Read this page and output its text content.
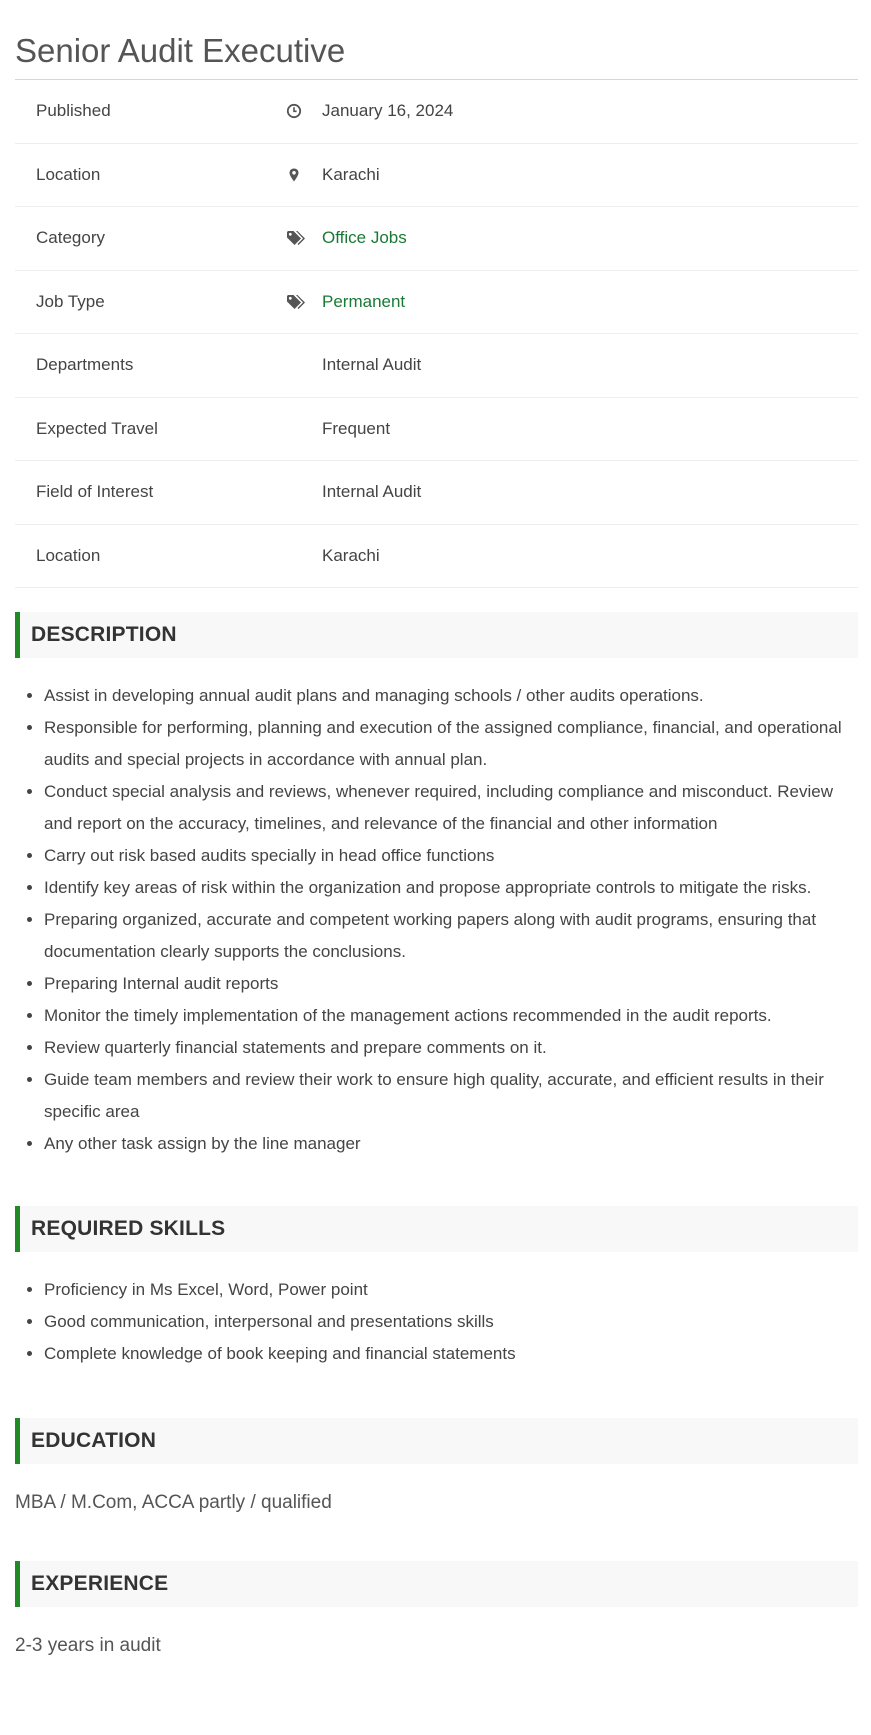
Senior Audit Executive
Published	January 16, 2024
Location	Karachi
Category	Office Jobs
Job Type	Permanent
Departments	Internal Audit
Expected Travel	Frequent
Field of Interest	Internal Audit
Location	Karachi
DESCRIPTION
• Assist in developing annual audit plans and managing schools / other audits operations.
• Responsible for performing, planning and execution of the assigned compliance, financial, and operational audits and special projects in accordance with annual plan.
• Conduct special analysis and reviews, whenever required, including compliance and misconduct. Review and report on the accuracy, timelines, and relevance of the financial and other information
• Carry out risk based audits specially in head office functions
• Identify key areas of risk within the organization and propose appropriate controls to mitigate the risks.
• Preparing organized, accurate and competent working papers along with audit programs, ensuring that documentation clearly supports the conclusions.
• Preparing Internal audit reports
• Monitor the timely implementation of the management actions recommended in the audit reports.
• Review quarterly financial statements and prepare comments on it.
• Guide team members and review their work to ensure high quality, accurate, and efficient results in their specific area
• Any other task assign by the line manager
REQUIRED SKILLS
• Proficiency in Ms Excel, Word, Power point
• Good communication, interpersonal and presentations skills
• Complete knowledge of book keeping and financial statements
EDUCATION
MBA / M.Com, ACCA partly / qualified
EXPERIENCE
2-3 years in audit
